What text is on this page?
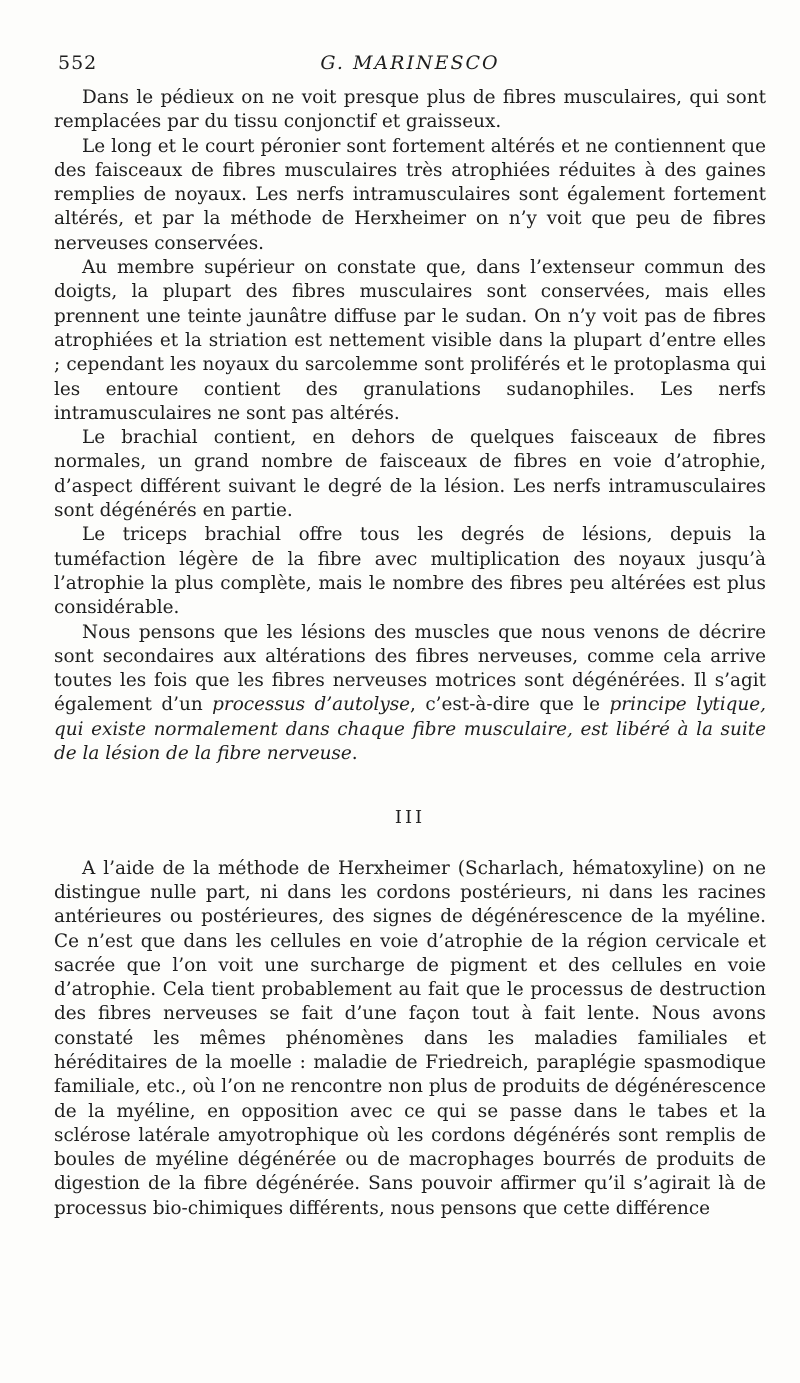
552	G. MARINESCO

Dans le pédieux on ne voit presque plus de fibres musculaires, qui sont remplacées par du tissu conjonctif et graisseux.

Le long et le court péronier sont fortement altérés et ne contiennent que des faisceaux de fibres musculaires très atrophiées réduites à des gaines remplies de noyaux. Les nerfs intramusculaires sont également fortement altérés, et par la méthode de Herxheimer on n’y voit que peu de fibres nerveuses conservées.

Au membre supérieur on constate que, dans l’extenseur commun des doigts, la plupart des fibres musculaires sont conservées, mais elles prennent une teinte jaunâtre diffuse par le sudan. On n’y voit pas de fibres atrophiées et la striation est nettement visible dans la plupart d’entre elles ; cependant les noyaux du sarcolemme sont proliférés et le protoplasma qui les entoure contient des granulations sudanophiles. Les nerfs intramusculaires ne sont pas altérés.

Le brachial contient, en dehors de quelques faisceaux de fibres normales, un grand nombre de faisceaux de fibres en voie d’atrophie, d’aspect différent suivant le degré de la lésion. Les nerfs intramusculaires sont dégénérés en partie.

Le triceps brachial offre tous les degrés de lésions, depuis la tuméfaction légère de la fibre avec multiplication des noyaux jusqu’à l’atrophie la plus complète, mais le nombre des fibres peu altérées est plus considérable.

Nous pensons que les lésions des muscles que nous venons de décrire sont secondaires aux altérations des fibres nerveuses, comme cela arrive toutes les fois que les fibres nerveuses motrices sont dégénérées. Il s’agit également d’un processus d’autolyse, c’est-à-dire que le principe lytique, qui existe normalement dans chaque fibre musculaire, est libéré à la suite de la lésion de la fibre nerveuse.

III

A l’aide de la méthode de Herxheimer (Scharlach, hématoxyline) on ne distingue nulle part, ni dans les cordons postérieurs, ni dans les racines antérieures ou postérieures, des signes de dégénérescence de la myéline. Ce n’est que dans les cellules en voie d’atrophie de la région cervicale et sacrée que l’on voit une surcharge de pigment et des cellules en voie d’atrophie. Cela tient probablement au fait que le processus de destruction des fibres nerveuses se fait d’une façon tout à fait lente. Nous avons constaté les mêmes phénomènes dans les maladies familiales et héréditaires de la moelle : maladie de Friedreich, paraplégie spasmodique familiale, etc., où l’on ne rencontre non plus de produits de dégénérescence de la myéline, en opposition avec ce qui se passe dans le tabes et la sclérose latérale amyotrophique où les cordons dégénérés sont remplis de boules de myéline dégénérée ou de macrophages bourrés de produits de digestion de la fibre dégénérée. Sans pouvoir affirmer qu’il s’agirait là de processus bio-chimiques différents, nous pensons que cette différence
